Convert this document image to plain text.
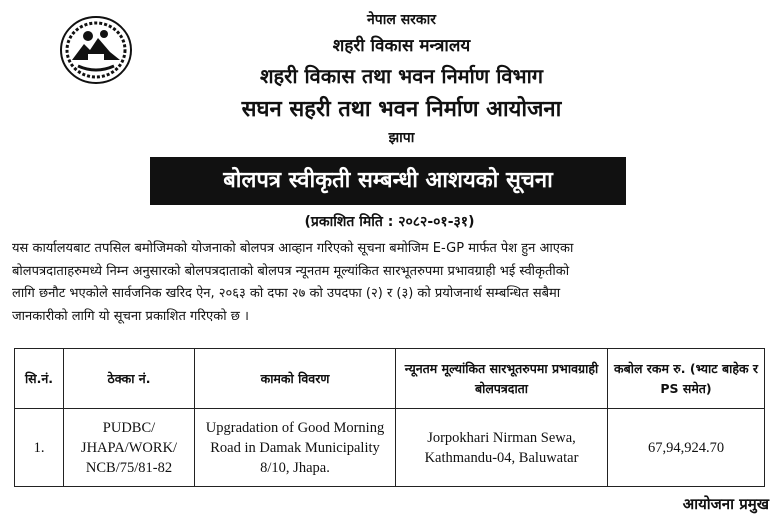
नेपाल सरकार
शहरी विकास मन्त्रालय
शहरी विकास तथा भवन निर्माण विभाग
सघन सहरी तथा भवन निर्माण आयोजना
झापा
बोलपत्र स्वीकृती सम्बन्धी आशयको सूचना
(प्रकाशित मिति : २०८२-०१-३१)
यस कार्यालयबाट तपसिल बमोजिमको योजनाको बोलपत्र आव्हान गरिएको सूचना बमोजिम E-GP मार्फत पेश हुन आएका
बोलपत्रदाताहरुमध्ये निम्न अनुसारको बोलपत्रदाताको बोलपत्र न्यूनतम मूल्यांकित सारभूतरुपमा प्रभावग्राही भई स्वीकृतीको
लागि छनौट भएकोले सार्वजनिक खरिद ऐन, २०६३ को दफा २७ को उपदफा (२) र (३) को प्रयोजनार्थ सम्बन्धित सबैमा
जानकारीको लागि यो सूचना प्रकाशित गरिएको छ ।
सि.नं.	ठेक्का नं.	कामको विवरण	न्यूनतम मूल्यांकित सारभूतरुपमा प्रभावग्राही बोलपत्रदाता	कबोल रकम रु. (भ्याट बाहेक र PS समेत)
1.	PUDBC/ JHAPA/WORK/ NCB/75/81-82	Upgradation of Good Morning Road in Damak Municipality 8/10, Jhapa.	Jorpokhari Nirman Sewa, Kathmandu-04, Baluwatar	67,94,924.70
आयोजना प्रमुख
